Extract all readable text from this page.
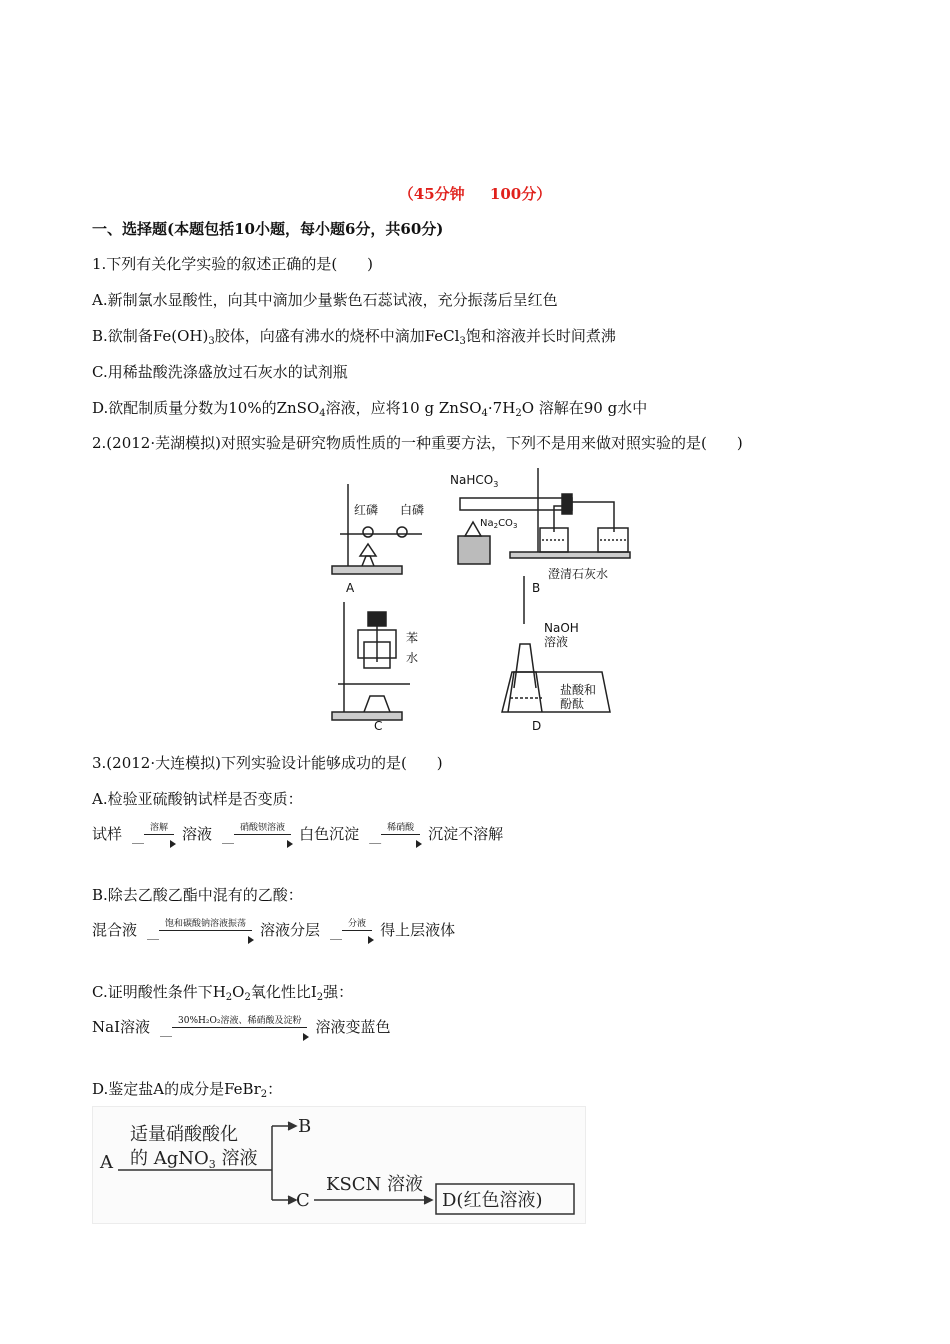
（45分钟 100分）
一、选择题(本题包括10小题，每小题6分，共60分)
1.下列有关化学实验的叙述正确的是(　　)
A.新制氯水显酸性，向其中滴加少量紫色石蕊试液，充分振荡后呈红色
B.欲制备$Fe(OH)_3$胶体，向盛有沸水的烧杯中滴加FeCl$_3$饱和溶液并长时间煮沸
C.用稀盐酸洗涤盛放过石灰水的试剂瓶
D.欲配制质量分数为10%的ZnSO$_4$溶液，应将10 g $ZnSO_4\cdot 7H_2O$ 溶解在90 g水中
2.(2012·芜湖模拟)对照实验是研究物质性质的一种重要方法，下列不是用来做对照实验的是(　　)
红磷 白磷
A
NaHCO$_3$
$Na_2CO_3$
澄清石灰水
B
苯
水
C
NaOH
溶液
盐酸和
酚酞
D
3.(2012·大连模拟)下列实验设计能够成功的是(　　)
A.检验亚硫酸钠试样是否变质：
试样 ＿
溶解 溶液 ＿
硝酸钡溶液 白色沉淀 ＿
稀硝酸 沉淀不溶解
B.除去乙酸乙酯中混有的乙酸：
混合液 ＿
饱和碳酸钠溶液振荡 溶液分层 ＿
分液 得上层液体
C.证明酸性条件下$H_2O_2$氧化性比$I_2$强：
NaI溶液 ＿
30%H₂O₂溶液、稀硝酸及淀粉 溶液变蓝色
D.鉴定盐A的成分是FeBr$_2$：
A
适量硝酸酸化
的 AgNO$_3$ 溶液
B
C
KSCN 溶液
D(红色溶液)
